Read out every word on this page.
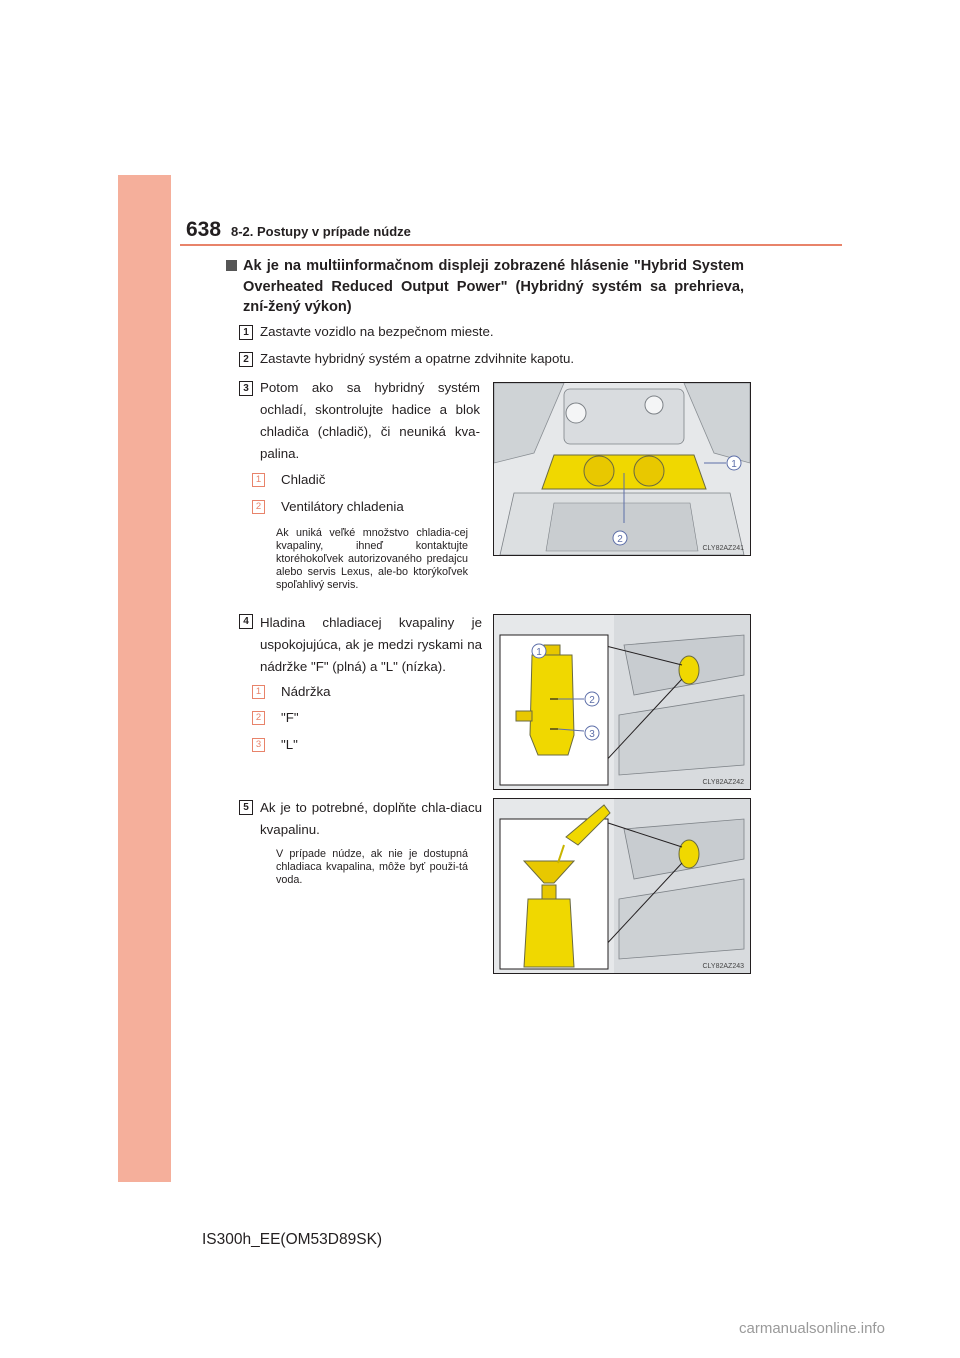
638 8-2. Postupy v prípade núdze
Ak je na multiinformačnom displeji zobrazené hlásenie "Hybrid System Overheated Reduced Output Power" (Hybridný systém sa prehrieva, zní-žený výkon)
1 Zastavte vozidlo na bezpečnom mieste.
2 Zastavte hybridný systém a opatrne zdvihnite kapotu.
3 Potom ako sa hybridný systém ochladí, skontrolujte hadice a blok chladiča (chladič), či neuniká kva-palina.
1 Chladič
2 Ventilátory chladenia
Ak uniká veľké množstvo chladia-cej kvapaliny, ihneď kontaktujte ktoréhokoľvek autorizovaného predajcu alebo servis Lexus, ale-bo ktorýkoľvek spoľahlivý servis.
1
2
CLY82AZ241
4 Hladina chladiacej kvapaliny je uspokojujúca, ak je medzi ryskami na nádržke "F" (plná) a "L" (nízka).
1 Nádržka
2 "F"
3 "L"
1
2
3
CLY82AZ242
5 Ak je to potrebné, doplňte chla-diacu kvapalinu.
V prípade núdze, ak nie je dostupná chladiaca kvapalina, môže byť použi-tá voda.
CLY82AZ243
IS300h_EE(OM53D89SK)
carmanualsonline.info
